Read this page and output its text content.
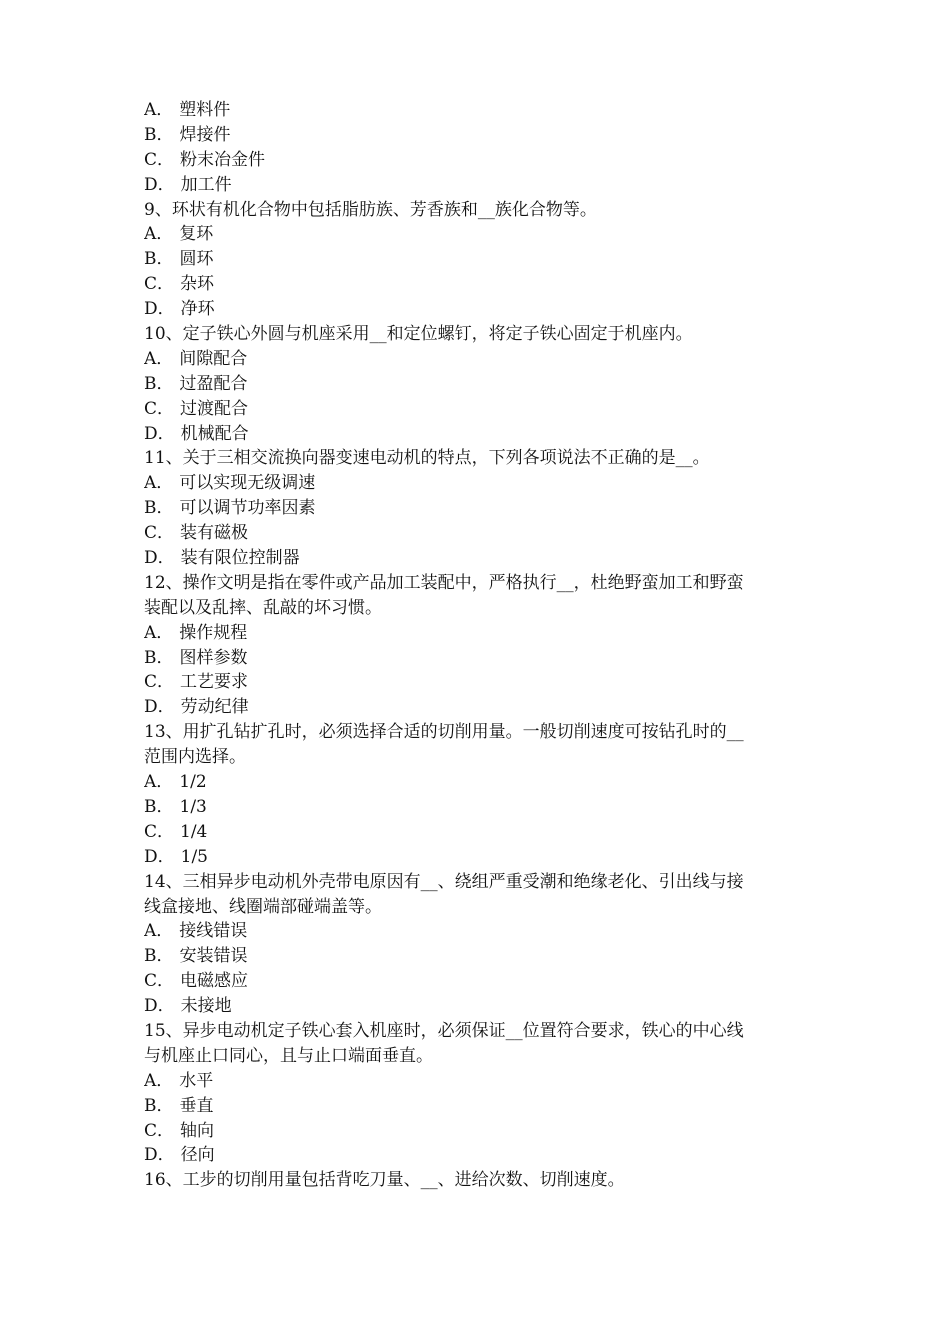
A． 塑料件
B． 焊接件
C． 粉末冶金件
D． 加工件
9、环状有机化合物中包括脂肪族、芳香族和__族化合物等。
A． 复环
B． 圆环
C． 杂环
D． 净环
10、定子铁心外圆与机座采用__和定位螺钉，将定子铁心固定于机座内。
A． 间隙配合
B． 过盈配合
C． 过渡配合
D． 机械配合
11、关于三相交流换向器变速电动机的特点，下列各项说法不正确的是__。
A． 可以实现无级调速
B． 可以调节功率因素
C． 装有磁极
D． 装有限位控制器
12、操作文明是指在零件或产品加工装配中，严格执行__，杜绝野蛮加工和野蛮
装配以及乱摔、乱敲的坏习惯。
A． 操作规程
B． 图样参数
C． 工艺要求
D． 劳动纪律
13、用扩孔钻扩孔时，必须选择合适的切削用量。一般切削速度可按钻孔时的__
范围内选择。
A． 1/2
B． 1/3
C． 1/4
D． 1/5
14、三相异步电动机外壳带电原因有__、绕组严重受潮和绝缘老化、引出线与接
线盒接地、线圈端部碰端盖等。
A． 接线错误
B． 安装错误
C． 电磁感应
D． 未接地
15、异步电动机定子铁心套入机座时，必须保证__位置符合要求，铁心的中心线
与机座止口同心，且与止口端面垂直。
A． 水平
B． 垂直
C． 轴向
D． 径向
16、工步的切削用量包括背吃刀量、__、进给次数、切削速度。
